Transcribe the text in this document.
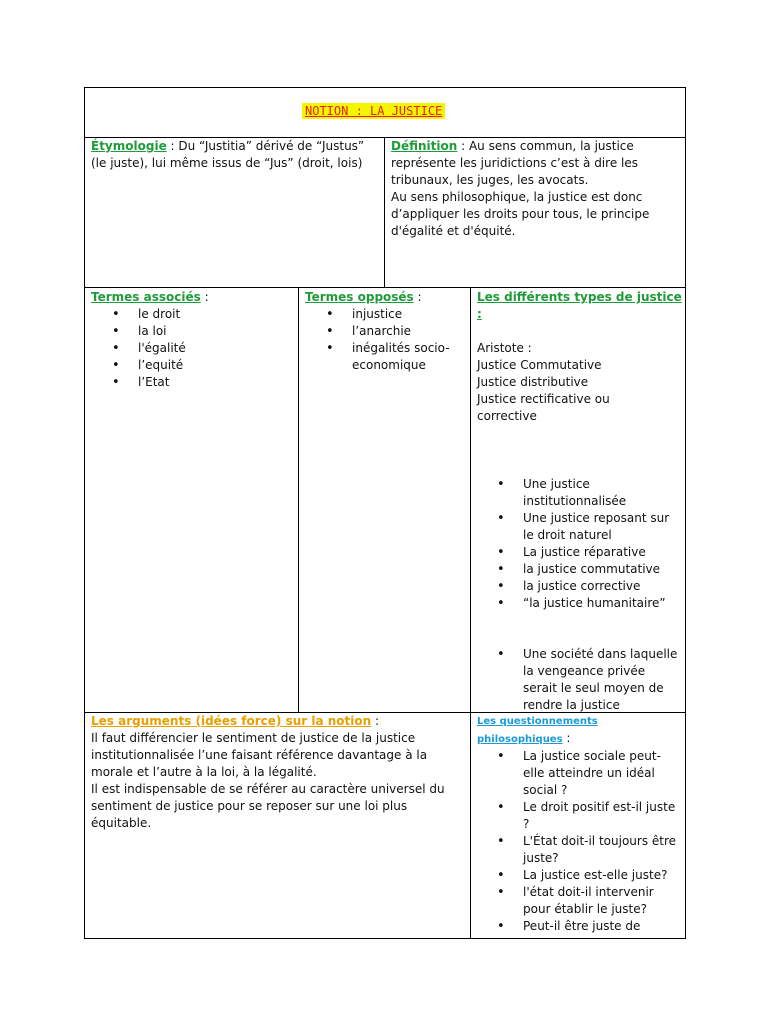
NOTION : LA JUSTICE
Étymologie : Du “Justitia” dérivé de “Justus”
(le juste), lui même issus de “Jus” (droit, lois)
Définition : Au sens commun, la justice
représente les juridictions c’est à dire les
tribunaux, les juges, les avocats.
Au sens philosophique, la justice est donc
d’appliquer les droits pour tous, le principe
d'égalité et d'équité.
Termes associés :
• le droit
• la loi
• l'égalité
• l’equité
• l’Etat
Termes opposés :
• injustice
• l’anarchie
• inégalités socio-economique
Les différents types de justice
:
Aristote :
Justice Commutative
Justice distributive
Justice rectificative ou
corrective
• Une justice institutionnalisée
• Une justice reposant sur le droit naturel
• La justice réparative
• la justice commutative
• la justice corrective
• “la justice humanitaire”
• Une société dans laquelle la vengeance privée serait le seul moyen de rendre la justice
Les arguments (idées force) sur la notion :
Il faut différencier le sentiment de justice de la justice
institutionnalisée l’une faisant référence davantage à la
morale et l’autre à la loi, à la légalité.
Il est indispensable de se référer au caractère universel du
sentiment de justice pour se reposer sur une loi plus
équitable.
Les questionnements
philosophiques :
• La justice sociale peut-elle atteindre un idéal social ?
• Le droit positif est-il juste ?
• L'État doit-il toujours être juste?
• La justice est-elle juste?
• l'état doit-il intervenir pour établir le juste?
• Peut-il être juste de
